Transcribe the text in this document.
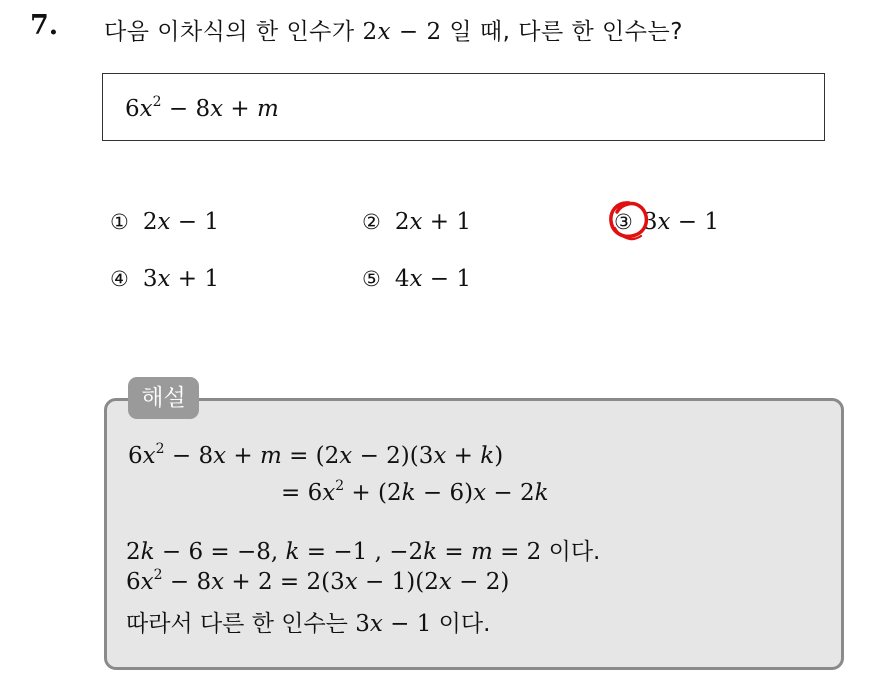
7. 다음 이차식의 한 인수가 2x − 2 일 때, 다른 한 인수는?
$6x^2 - 8x + m$
① 2x − 1	② 2x + 1	③ 3x − 1
④ 3x + 1	⑤ 4x − 1
해설
$6x^2 - 8x + m = (2x - 2)(3x + k)$
= $6x^2 + (2k - 6)x - 2k$
2k − 6 = −8, k = −1 , −2k = m = 2 이다.
$6x^2 - 8x + 2 = 2(3x - 1)(2x - 2)$
따라서 다른 한 인수는 3x − 1 이다.
